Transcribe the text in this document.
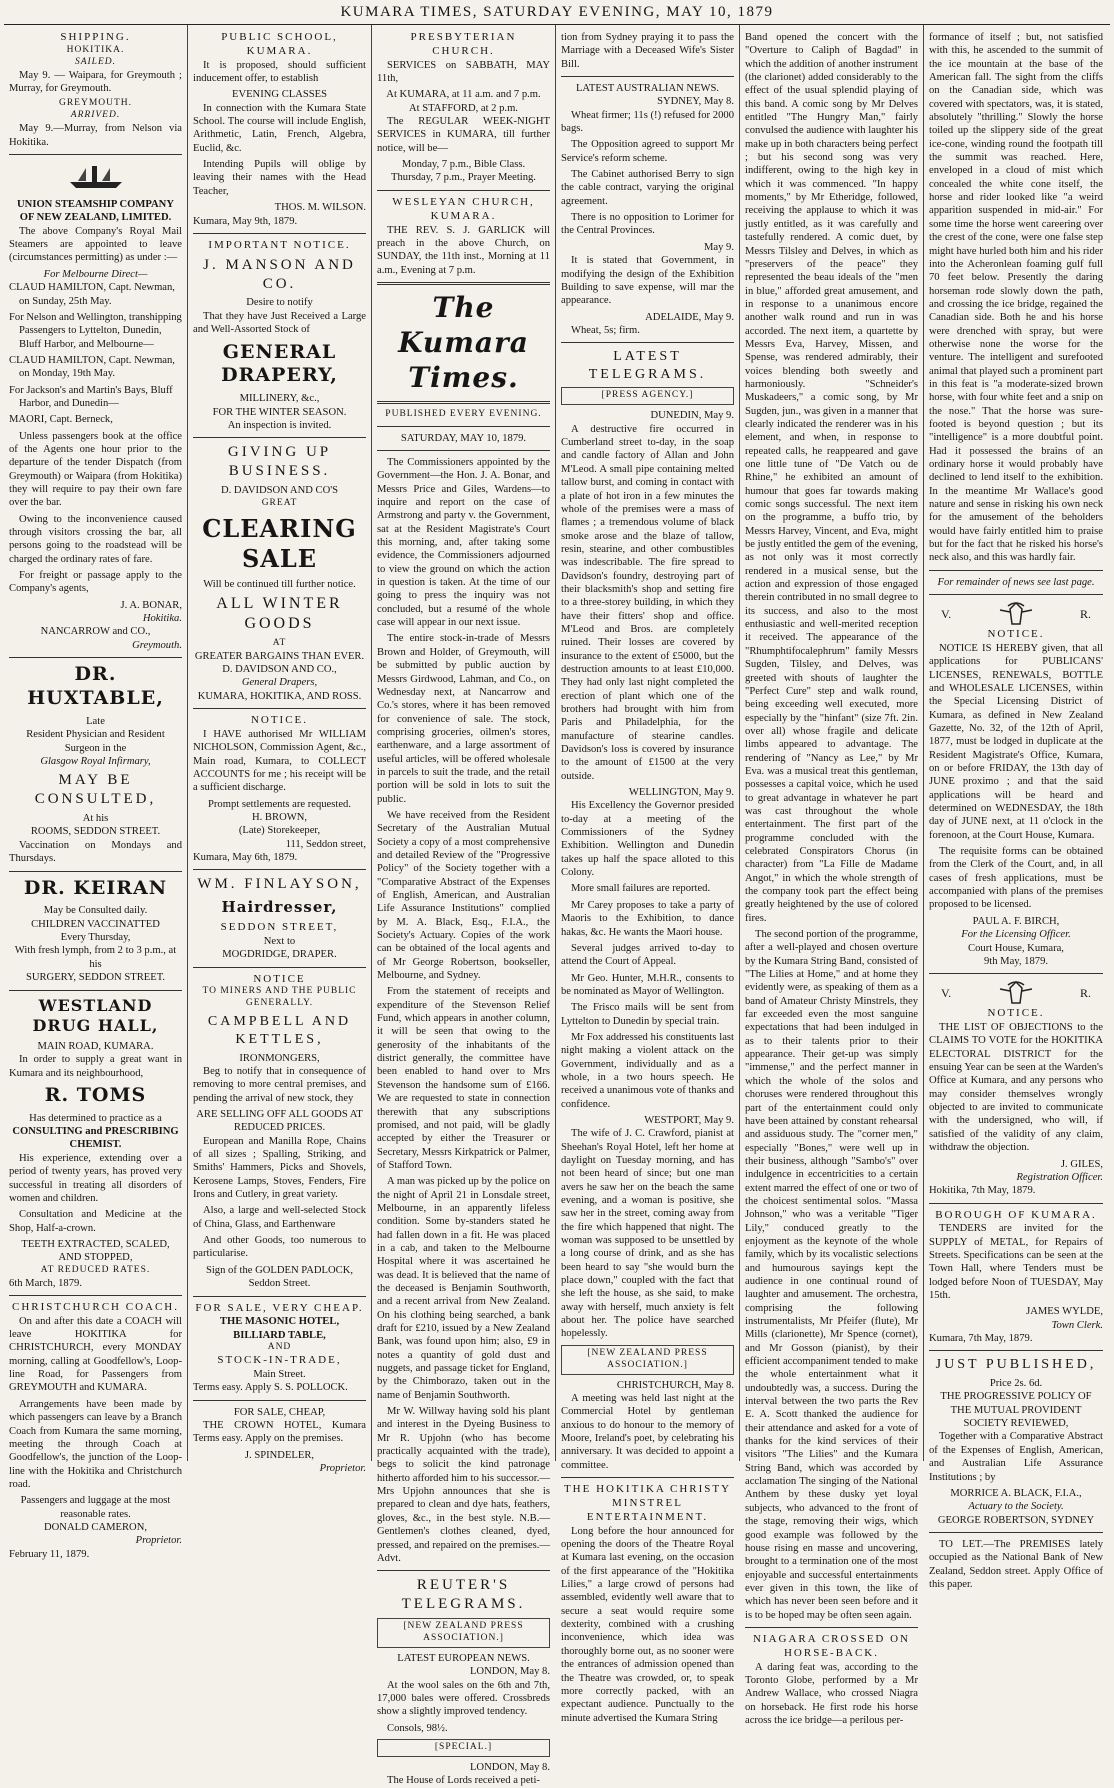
KUMARA TIMES, SATURDAY EVENING, MAY 10, 1879
SHIPPING.
HOKITIKA.
SAILED.

May 9. — Waipara, for Greymouth ; Murray, for Greymouth.

GREYMOUTH.
ARRIVED.

May 9.—Murray, from Nelson via Hokitika.

UNION STEAMSHIP COMPANY OF NEW ZEALAND, LIMITED.

The above Company's Royal Mail Steamers are appointed to leave (circumstances permitting) as under :—

For Melbourne Direct—

CLAUD HAMILTON, Capt. Newman, on Sunday, 25th May.

For Nelson and Wellington, transhipping Passengers to Lyttelton, Dunedin, Bluff Harbor, and Melbourne—

CLAUD HAMILTON, Capt. Newman, on Monday, 19th May.

For Jackson's and Martin's Bays, Bluff Harbor, and Dunedin—

MAORI, Capt. Berneck,

Unless passengers book at the office of the Agents one hour prior to the departure of the tender Dispatch (from Greymouth) or Waipara (from Hokitika) they will require to pay their own fare over the bar.

Owing to the inconvenience caused through visitors crossing the bar, all persons going to the roadstead will be charged the ordinary rates of fare.

For freight or passage apply to the Company's agents,

J. A. BONAR,
Hokitika.
NANCARROW and CO.,
Greymouth.
DR. HUXTABLE,
Late
Resident Physician and Resident Surgeon in the
Glasgow Royal Infirmary,
MAY BE CONSULTED,
At his
ROOMS, SEDDON STREET.

Vaccination on Mondays and Thursdays.

DR. KEIRAN
May be Consulted daily.
CHILDREN VACCINATTED
Every Thursday,
With fresh lymph, from 2 to 3 p.m., at his
SURGERY, SEDDON STREET.
WESTLAND DRUG HALL,
MAIN ROAD, KUMARA.

In order to supply a great want in Kumara and its neighbourhood,

R. TOMS
Has determined to practice as a
CONSULTING and PRESCRIBING CHEMIST.

His experience, extending over a period of twenty years, has proved very successful in treating all disorders of women and children.

Consultation and Medicine at the Shop, Half-a-crown.

TEETH EXTRACTED, SCALED, AND STOPPED,
AT REDUCED RATES.
6th March, 1879.
CHRISTCHURCH COACH.

On and after this date a COACH will leave HOKITIKA for CHRISTCHURCH, every MONDAY morning, calling at Goodfellow's, Loop-line Road, for Passengers from GREYMOUTH and KUMARA.

Arrangements have been made by which passengers can leave by a Branch Coach from Kumara the same morning, meeting the through Coach at Goodfellow's, the junction of the Loop-line with the Hokitika and Christchurch road.

Passengers and luggage at the most reasonable rates.
DONALD CAMERON,
Proprietor.
February 11, 1879.
PUBLIC SCHOOL, KUMARA.

It is proposed, should sufficient inducement offer, to establish

EVENING CLASSES

In connection with the Kumara State School. The course will include English, Arithmetic, Latin, French, Algebra, Euclid, &c.

Intending Pupils will oblige by leaving their names with the Head Teacher,

THOS. M. WILSON.
Kumara, May 9th, 1879.
IMPORTANT NOTICE.
J. MANSON AND CO.
Desire to notify

That they have Just Received a Large and Well-Assorted Stock of

GENERAL DRAPERY,
MILLINERY, &c.,
FOR THE WINTER SEASON.
An inspection is invited.
GIVING UP BUSINESS.
D. DAVIDSON AND CO'S
GREAT
CLEARING SALE
Will be continued till further notice.
ALL WINTER GOODS
AT
GREATER BARGAINS THAN EVER.
D. DAVIDSON AND CO.,
General Drapers,
KUMARA, HOKITIKA, AND ROSS.
NOTICE.

I HAVE authorised Mr WILLIAM NICHOLSON, Commission Agent, &c., Main road, Kumara, to COLLECT ACCOUNTS for me ; his receipt will be a sufficient discharge.

Prompt settlements are requested.
H. BROWN,
(Late) Storekeeper,
111, Seddon street,
Kumara, May 6th, 1879.
WM. FINLAYSON,
Hairdresser,
SEDDON STREET,
Next to
MOGDRIDGE, DRAPER.
NOTICE
TO MINERS AND THE PUBLIC GENERALLY.
CAMPBELL AND KETTLES,
IRONMONGERS,

Beg to notify that in consequence of removing to more central premises, and pending the arrival of new stock, they

ARE SELLING OFF ALL GOODS AT REDUCED PRICES.

European and Manilla Rope, Chains of all sizes ; Spalling, Striking, and Smiths' Hammers, Picks and Shovels, Kerosene Lamps, Stoves, Fenders, Fire Irons and Cutlery, in great variety.

Also, a large and well-selected Stock of China, Glass, and Earthenware

And other Goods, too numerous to particularise.

Sign of the GOLDEN PADLOCK, Seddon Street.
FOR SALE, VERY CHEAP.
THE MASONIC HOTEL, BILLIARD TABLE,
AND
STOCK-IN-TRADE,
Main Street.
Terms easy. Apply S. S. POLLOCK.
FOR SALE, CHEAP,

THE CROWN HOTEL, Kumara Terms easy. Apply on the premises.

J. SPINDELER,
Proprietor.
PRESBYTERIAN CHURCH.

SERVICES on SABBATH, MAY 11th,

At KUMARA, at 11 a.m. and 7 p.m.
At STAFFORD, at 2 p.m.

The REGULAR WEEK-NIGHT SERVICES in KUMARA, till further notice, will be—

Monday, 7 p.m., Bible Class.
Thursday, 7 p.m., Prayer Meeting.
WESLEYAN CHURCH, KUMARA.

THE REV. S. J. GARLICK will preach in the above Church, on SUNDAY, the 11th inst., Morning at 11 a.m., Evening at 7 p.m.

The Kumara Times.
PUBLISHED EVERY EVENING.
SATURDAY, MAY 10, 1879.

The Commissioners appointed by the Government—the Hon. J. A. Bonar, and Messrs Price and Giles, Wardens—to inquire and report on the case of Armstrong and party v. the Government, sat at the Resident Magistrate's Court this morning, and, after taking some evidence, the Commissioners adjourned to view the ground on which the action in question is taken. At the time of our going to press the inquiry was not concluded, but a resumé of the whole case will appear in our next issue.

The entire stock-in-trade of Messrs Brown and Holder, of Greymouth, will be submitted by public auction by Messrs Girdwood, Lahman, and Co., on Wednesday next, at Nancarrow and Co.'s stores, where it has been removed for convenience of sale. The stock, comprising groceries, oilmen's stores, earthenware, and a large assortment of useful articles, will be offered wholesale in parcels to suit the trade, and the retail portion will be sold in lots to suit the public.

We have received from the Resident Secretary of the Australian Mutual Society a copy of a most comprehensive and detailed Review of the "Progressive Policy" of the Society together with a "Comparative Abstract of the Expenses of English, American, and Australian Life Assurance Institutions" complied by M. A. Black, Esq., F.I.A., the Society's Actuary. Copies of the work can be obtained of the local agents and of Mr George Robertson, bookseller, Melbourne, and Sydney.

From the statement of receipts and expenditure of the Stevenson Relief Fund, which appears in another column, it will be seen that owing to the generosity of the inhabitants of the district generally, the committee have been enabled to hand over to Mrs Stevenson the handsome sum of £166. We are requested to state in connection therewith that any subscriptions promised, and not paid, will be gladly accepted by either the Treasurer or Secretary, Messrs Kirkpatrick or Palmer, of Stafford Town.

A man was picked up by the police on the night of April 21 in Lonsdale street, Melbourne, in an apparently lifeless condition. Some by-standers stated he had fallen down in a fit. He was placed in a cab, and taken to the Melbourne Hospital where it was ascertained he was dead. It is believed that the name of the deceased is Benjamin Southworth, and a recent arrival from New Zealand. On his clothing being searched, a bank draft for £210, issued by a New Zealand Bank, was found upon him; also, £9 in notes a quantity of gold dust and nuggets, and passage ticket for England, by the Chimborazo, taken out in the name of Benjamin Southworth.

Mr W. Willway having sold his plant and interest in the Dyeing Business to Mr R. Upjohn (who has become practically acquainted with the trade), begs to solicit the kind patronage hitherto afforded him to his successor.—Mrs Upjohn announces that she is prepared to clean and dye hats, feathers, gloves, &c., in the best style. N.B.—Gentlemen's clothes cleaned, dyed, pressed, and repaired on the premises.—Advt.

REUTER'S TELEGRAMS.
[NEW ZEALAND PRESS ASSOCIATION.]
LATEST EUROPEAN NEWS.
LONDON, May 8.

At the wool sales on the 6th and 7th, 17,000 bales were offered. Crossbreds show a slightly improved tendency.

Consols, 98½.

[SPECIAL.]
LONDON, May 8.

The House of Lords received a peti-

tion from Sydney praying it to pass the Marriage with a Deceased Wife's Sister Bill.

LATEST AUSTRALIAN NEWS.
SYDNEY, May 8.

Wheat firmer; 11s (!) refused for 2000 bags.

The Opposition agreed to support Mr Service's reform scheme.

The Cabinet authorised Berry to sign the cable contract, varying the original agreement.

There is no opposition to Lorimer for the Central Provinces.

May 9.

It is stated that Government, in modifying the design of the Exhibition Building to save expense, will mar the appearance.

ADELAIDE, May 9.

Wheat, 5s; firm.

LATEST TELEGRAMS.
[PRESS AGENCY.]
DUNEDIN, May 9.

A destructive fire occurred in Cumberland street to-day, in the soap and candle factory of Allan and John M'Leod. A small pipe containing melted tallow burst, and coming in contact with a plate of hot iron in a few minutes the whole of the premises were a mass of flames ; a tremendous volume of black smoke arose and the blaze of tallow, resin, stearine, and other combustibles was indescribable. The fire spread to Davidson's foundry, destroying part of their blacksmith's shop and setting fire to a three-storey building, in which they have their fitters' shop and office. M'Leod and Bros. are completely ruined. Their losses are covered by insurance to the extent of £5000, but the destruction amounts to at least £10,000. They had only last night completed the erection of plant which one of the brothers had brought with him from Paris and Philadelphia, for the manufacture of stearine candles. Davidson's loss is covered by insurance to the amount of £1500 at the very outside.

WELLINGTON, May 9.

His Excellency the Governor presided to-day at a meeting of the Commissioners of the Sydney Exhibition. Wellington and Dunedin takes up half the space alloted to this Colony.

More small failures are reported.

Mr Carey proposes to take a party of Maoris to the Exhibition, to dance hakas, &c. He wants the Maori house.

Several judges arrived to-day to attend the Court of Appeal.

Mr Geo. Hunter, M.H.R., consents to be nominated as Mayor of Wellington.

The Frisco mails will be sent from Lyttelton to Dunedin by special train.

Mr Fox addressed his constituents last night making a violent attack on the Government, individually and as a whole, in a two hours speech. He received a unanimous vote of thanks and confidence.

WESTPORT, May 9.

The wife of J. C. Crawford, pianist at Sheehan's Royal Hotel, left her home at daylight on Tuesday morning, and has not been heard of since; but one man avers he saw her on the beach the same evening, and a woman is positive, she saw her in the street, coming away from the fire which happened that night. The woman was supposed to be unsettled by a long course of drink, and as she has been heard to say "she would burn the place down," coupled with the fact that she left the house, as she said, to make away with herself, much anxiety is felt about her. The police have searched hopelessly.

[NEW ZEALAND PRESS ASSOCIATION.]
CHRISTCHURCH, May 8.

A meeting was held last night at the Commercial Hotel by gentleman anxious to do honour to the memory of Moore, Ireland's poet, by celebrating his anniversary. It was decided to appoint a committee.

THE HOKITIKA CHRISTY MINSTREL ENTERTAINMENT.

Long before the hour announced for opening the doors of the Theatre Royal at Kumara last evening, on the occasion of the first appearance of the "Hokitika Lilies," a large crowd of persons had assembled, evidently well aware that to secure a seat would require some dexterity, combined with a crushing inconvenience, which idea was thoroughly borne out, as no sooner were the entrances of admission opened than the Theatre was crowded, or, to speak more correctly packed, with an expectant audience. Punctually to the minute advertised the Kumara String

Band opened the concert with the "Overture to Caliph of Bagdad" in which the addition of another instrument (the clarionet) added considerably to the effect of the usual splendid playing of this band. A comic song by Mr Delves entitled "The Hungry Man," fairly convulsed the audience with laughter his make up in both characters being perfect ; but his second song was very indifferent, owing to the high key in which it was commenced. "In happy moments," by Mr Etheridge, followed, receiving the applause to which it was justly entitled, as it was carefully and tastefully rendered. A comic duet, by Messrs Tilsley and Delves, in which as "preservers of the peace" they represented the beau ideals of the "men in blue," afforded great amusement, and in response to a unanimous encore another walk round and run in was accorded. The next item, a quartette by Messrs Eva, Harvey, Missen, and Spense, was rendered admirably, their voices blending both sweetly and harmoniously. "Schneider's Muskadeers," a comic song, by Mr Sugden, jun., was given in a manner that clearly indicated the renderer was in his element, and when, in response to repeated calls, he reappeared and gave one little tune of "De Vatch ou de Rhine," he exhibited an amount of humour that goes far towards making comic songs successful. The next item on the programme, a buffo trio, by Messrs Harvey, Vincent, and Eva, might be justly entitled the gem of the evening, as not only was it most correctly rendered in a musical sense, but the action and expression of those engaged therein contributed in no small degree to its success, and also to the most enthusiastic and well-merited reception it received. The appearance of the "Rhumphtifocalephrum" family Messrs Sugden, Tilsley, and Delves, was greeted with shouts of laughter the "Perfect Cure" step and walk round, being exceeding well executed, more especially by the "hinfant" (size 7ft. 2in. over all) whose fragile and delicate limbs appeared to advantage. The rendering of "Nancy as Lee," by Mr Eva. was a musical treat this gentleman, possesses a capital voice, which he used to great advantage in whatever he part was cast throughout the whole entertainment. The first part of the programme concluded with the celebrated Conspirators Chorus (in character) from "La Fille de Madame Angot," in which the whole strength of the company took part the effect being greatly heightened by the use of colored fires.

The second portion of the programme, after a well-played and chosen overture by the Kumara String Band, consisted of "The Lilies at Home," and at home they evidently were, as speaking of them as a band of Amateur Christy Minstrels, they far exceeded even the most sanguine expectations that had been indulged in as to their talents prior to their appearance. Their get-up was simply "immense," and the perfect manner in which the whole of the solos and choruses were rendered throughout this part of the entertainment could only have been attained by constant rehearsal and assiduous study. The "corner men," especially "Bones," were well up in their business, although "Sambo's" over indulgence in eccentricities to a certain extent marred the effect of one or two of the choicest sentimental solos. "Massa Johnson," who was a veritable "Tiger Lily," conduced greatly to the enjoyment as the keynote of the whole family, which by its vocalistic selections and humourous sayings kept the audience in one continual round of laughter and amusement. The orchestra, comprising the following instrumentalists, Mr Pfeifer (flute), Mr Mills (clarionette), Mr Spence (cornet), and Mr Gosson (pianist), by their efficient accompaniment tended to make the whole entertainment what it undoubtedly was, a success. During the interval between the two parts the Rev E. A. Scott thanked the audience for their attendance and asked for a vote of thanks for the kind services of their visitors "The Lilies" and the Kumara String Band, which was accorded by acclamation The singing of the National Anthem by these dusky yet loyal subjects, who advanced to the front of the stage, removing their wigs, which good example was followed by the house rising en masse and uncovering, brought to a termination one of the most enjoyable and successful entertainments ever given in this town, the like of which has never been seen before and it is to be hoped may be often seen again.

NIAGARA CROSSED ON HORSE-BACK.

A daring feat was, according to the Toronto Globe, performed by a Mr Andrew Wallace, who crossed Niagra on horseback. He first rode his horse across the ice bridge—a perilous per-

formance of itself ; but, not satisfied with this, he ascended to the summit of the ice mountain at the base of the American fall. The sight from the cliffs on the Canadian side, which was covered with spectators, was, it is stated, absolutely "thrilling." Slowly the horse toiled up the slippery side of the great ice-cone, winding round the footpath till the summit was reached. Here, enveloped in a cloud of mist which concealed the white cone itself, the horse and rider looked like "a weird apparition suspended in mid-air." For some time the horse went careering over the crest of the cone, were one false step might have hurled both him and his rider into the Acheronlean foaming gulf full 70 feet below. Presently the daring horseman rode slowly down the path, and crossing the ice bridge, regained the Canadian side. Both he and his horse were drenched with spray, but were otherwise none the worse for the venture. The intelligent and surefooted animal that played such a prominent part in this feat is "a moderate-sized brown horse, with four white feet and a snip on the nose." That the horse was sure-footed is beyond question ; but its "intelligence" is a more doubtful point. Had it possessed the brains of an ordinary horse it would probably have declined to lend itself to the exhibition. In the meantime Mr Wallace's good nature and sense in risking his own neck for the amusement of the beholders would have fairly entitled him to praise but for the fact that he risked his horse's neck also, and this was hardly fair.

For remainder of news see last page.
V.	R.
NOTICE.

NOTICE IS HEREBY given, that all applications for PUBLICANS' LICENSES, RENEWALS, BOTTLE and WHOLESALE LICENSES, within the Special Licensing District of Kumara, as defined in New Zealand Gazette, No. 32, of the 12th of April, 1877, must be lodged in duplicate at the Resident Magistrate's Office, Kumara, on or before FRIDAY, the 13th day of JUNE proximo ; and that the said applications will be heard and determined on WEDNESDAY, the 18th day of JUNE next, at 11 o'clock in the forenoon, at the Court House, Kumara.

The requisite forms can be obtained from the Clerk of the Court, and, in all cases of fresh applications, must be accompanied with plans of the premises proposed to be licensed.

PAUL A. F. BIRCH,
For the Licensing Officer.
Court House, Kumara,
9th May, 1879.
V.	R.
NOTICE.

THE LIST OF OBJECTIONS to the CLAIMS TO VOTE for the HOKITIKA ELECTORAL DISTRICT for the ensuing Year can be seen at the Warden's Office at Kumara, and any persons who may consider themselves wrongly objected to are invited to communicate with the undersigned, who will, if satisfied of the validity of any claim, withdraw the objection.

J. GILES,
Registration Officer.
Hokitika, 7th May, 1879.
BOROUGH OF KUMARA.

TENDERS are invited for the SUPPLY of METAL, for Repairs of Streets. Specifications can be seen at the Town Hall, where Tenders must be lodged before Noon of TUESDAY, May 15th.

JAMES WYLDE,
Town Clerk.
Kumara, 7th May, 1879.
JUST PUBLISHED,
Price 2s. 6d.
THE PROGRESSIVE POLICY OF THE MUTUAL PROVIDENT SOCIETY REVIEWED,

Together with a Comparative Abstract of the Expenses of English, American, and Australian Life Assurance Institutions ; by

MORRICE A. BLACK, F.I.A.,
Actuary to the Society.
GEORGE ROBERTSON, SYDNEY

TO LET.—The PREMISES lately occupied as the National Bank of New Zealand, Seddon street. Apply Office of this paper.
